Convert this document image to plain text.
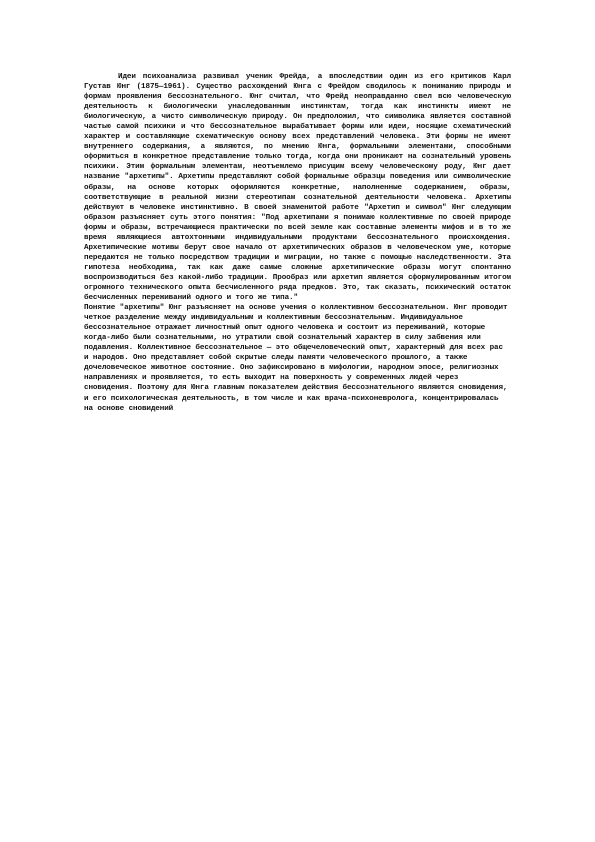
Идеи психоанализа развивал ученик Фрейда, а впоследствии один из его критиков Карл Густав Юнг (1875—1961). Существо расхождений Юнга с Фрейдом сводилось к пониманию природы и формам проявления бессознательного. Юнг считал, что Фрейд неоправданно свел всю человеческую деятельность к биологически унаследованным инстинктам, тогда как инстинкты имеют не биологическую, а чисто символическую природу. Он предположил, что символика является составной частью самой психики и что бессознательное вырабатывает формы или идеи, носящие схематический характер и составляющие схематическую основу всех представлений человека. Эти формы не имеют внутреннего содержания, а являются, по мнению Юнга, формальными элементами, способными оформиться в конкретное представление только тогда, когда они проникают на сознательный уровень психики. Этим формальным элементам, неотъемлемо присущим всему человеческому роду, Юнг дает название "архетипы". Архетипы представляют собой формальные образцы поведения или символические образы, на основе которых оформляются конкретные, наполненные содержанием, образы, соответствующие в реальной жизни стереотипам сознательной деятельности человека. Архетипы действуют в человеке инстинктивно. В своей знаменитой работе "Архетип и символ" Юнг следующим образом разъясняет суть этого понятия: "Под архетипами я понимаю коллективные по своей природе формы и образы, встречающиеся практически по всей земле как составные элементы мифов и в то же время являющиеся автохтонными индивидуальными продуктами бессознательного происхождения. Архетипические мотивы берут свое начало от архетипических образов в человеческом уме, которые передаются не только посредством традиции и миграции, но также с помощью наследственности. Эта гипотеза необходима, так как даже самые сложные архетипические образы могут спонтанно воспроизводиться без какой-либо традиции. Прообраз или архетип является сформулированным итогом огромного технического опыта бесчисленного ряда предков. Это, так сказать, психический остаток бесчисленных переживаний одного и того же типа."

Понятие "архетипы" Юнг разъясняет на основе учения о коллективном бессознательном. Юнг проводит четкое разделение между индивидуальным и коллективным бессознательным. Индивидуальное бессознательное отражает личностный опыт одного человека и состоит из переживаний, которые когда-либо были сознательными, но утратили свой сознательный характер в силу забвения или подавления. Коллективное бессознательное — это общечеловеческий опыт, характерный для всех рас и народов. Оно представляет собой скрытые следы памяти человеческого прошлого, а также дочеловеческое животное состояние. Оно зафиксировано в мифологии, народном эпосе, религиозных направлениях и проявляется, то есть выходит на поверхность у современных людей через сновидения. Поэтому для Юнга главным показателем действия бессознательного являются сновидения, и его психологическая деятельность, в том числе и как врача-психоневролога, концентрировалась на основе сновидений
